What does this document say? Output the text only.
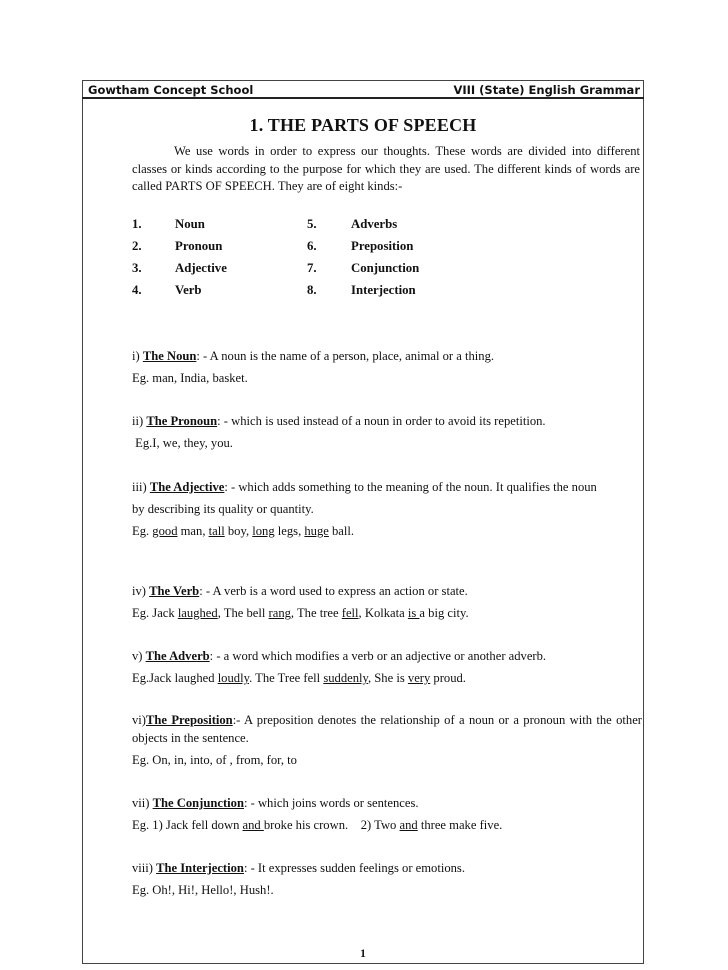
Gowtham Concept School	VIII (State) English Grammar
1. THE PARTS OF SPEECH
We use words in order to express our thoughts. These words are divided into different classes or kinds according to the purpose for which they are used. The different kinds of words are called PARTS OF SPEECH. They are of eight kinds:-
1.	Noun	5.	Adverbs
2.	Pronoun	6.	Preposition
3.	Adjective	7.	Conjunction
4.	Verb	8.	Interjection

i) The Noun: - A noun is the name of a person, place, animal or a thing.

Eg. man, India, basket.

ii) The Pronoun: - which is used instead of a noun in order to avoid its repetition.

Eg.I, we, they, you.

iii) The Adjective: - which adds something to the meaning of the noun. It qualifies the noun

by describing its quality or quantity.

Eg. good man, tall boy, long legs, huge ball.

iv) The Verb: - A verb is a word used to express an action or state.

Eg. Jack laughed, The bell rang, The tree fell, Kolkata is a big city.

v) The Adverb: - a word which modifies a verb or an adjective or another adverb.

Eg.Jack laughed loudly. The Tree fell suddenly, She is very proud.

vi)The Preposition:- A preposition denotes the relationship of a noun or a pronoun with the other objects in the sentence.

Eg. On, in, into, of , from, for, to

vii) The Conjunction: - which joins words or sentences.

Eg. 1) Jack fell down and broke his crown.    2) Two and three make five.

viii) The Interjection: - It expresses sudden feelings or emotions.

Eg. Oh!, Hi!, Hello!, Hush!.

1
